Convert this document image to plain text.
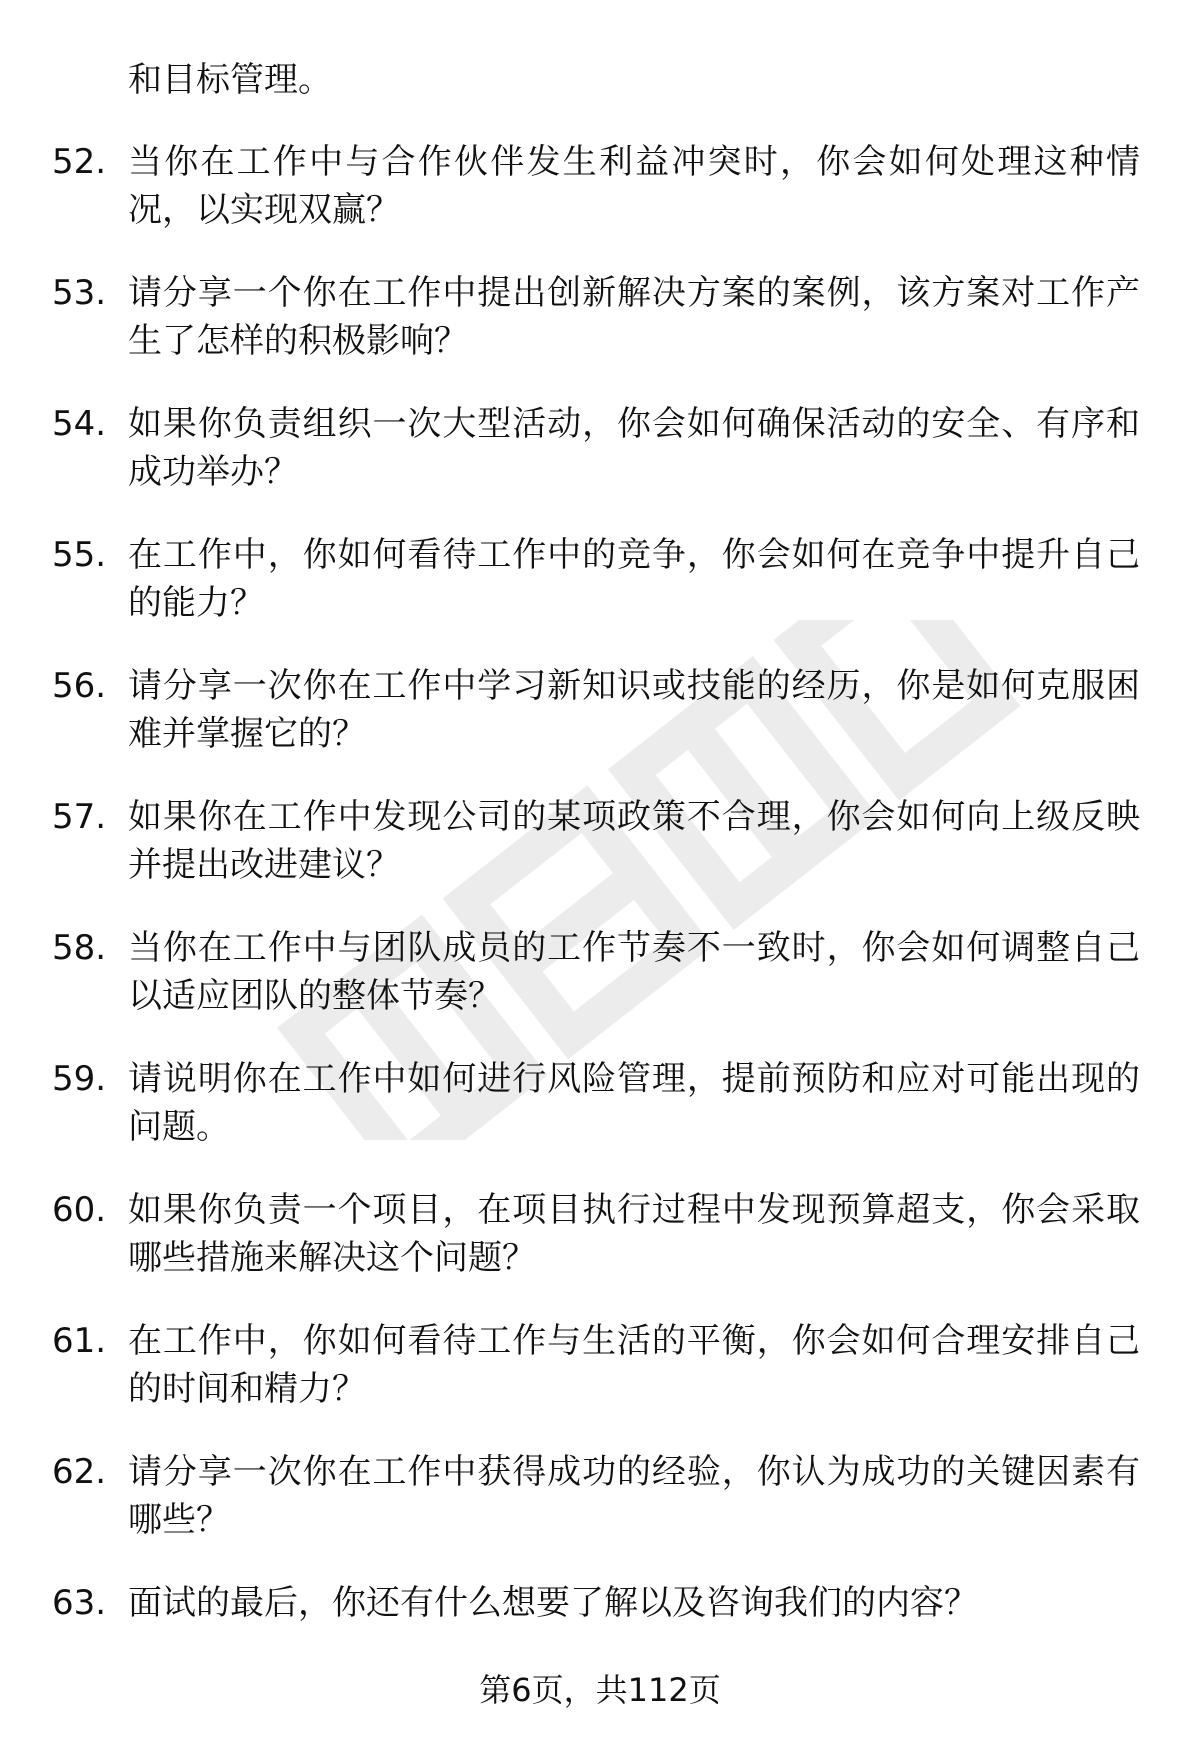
和目标管理。
52. 当你在工作中与合作伙伴发生利益冲突时，你会如何处理这种情况，以实现双赢？
53. 请分享一个你在工作中提出创新解决方案的案例，该方案对工作产生了怎样的积极影响？
54. 如果你负责组织一次大型活动，你会如何确保活动的安全、有序和成功举办？
55. 在工作中，你如何看待工作中的竞争，你会如何在竞争中提升自己的能力？
56. 请分享一次你在工作中学习新知识或技能的经历，你是如何克服困难并掌握它的？
57. 如果你在工作中发现公司的某项政策不合理，你会如何向上级反映并提出改进建议？
58. 当你在工作中与团队成员的工作节奏不一致时，你会如何调整自己以适应团队的整体节奏？
59. 请说明你在工作中如何进行风险管理，提前预防和应对可能出现的问题。
60. 如果你负责一个项目，在项目执行过程中发现预算超支，你会采取哪些措施来解决这个问题？
61. 在工作中，你如何看待工作与生活的平衡，你会如何合理安排自己的时间和精力？
62. 请分享一次你在工作中获得成功的经验，你认为成功的关键因素有哪些？
63. 面试的最后，你还有什么想要了解以及咨询我们的内容？
第6页，共112页
